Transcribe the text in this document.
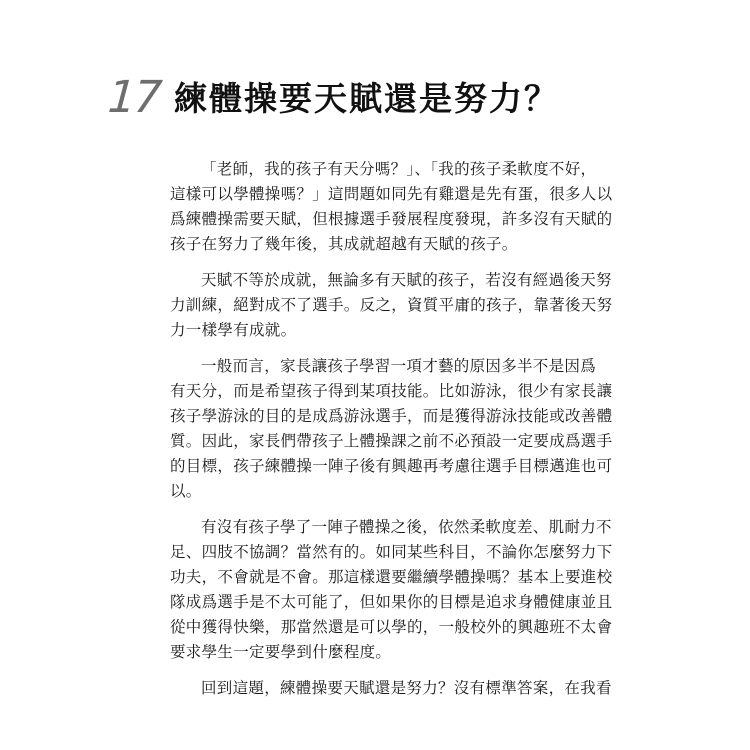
17 練體操要天賦還是努力？
「老師，我的孩子有天分嗎？」、「我的孩子柔軟度不好，
這樣可以學體操嗎？」這問題如同先有雞還是先有蛋，很多人以
爲練體操需要天賦，但根據選手發展程度發現，許多沒有天賦的
孩子在努力了幾年後，其成就超越有天賦的孩子。
天賦不等於成就，無論多有天賦的孩子，若沒有經過後天努
力訓練，絕對成不了選手。反之，資質平庸的孩子，靠著後天努
力一樣學有成就。
一般而言，家長讓孩子學習一項才藝的原因多半不是因爲
有天分，而是希望孩子得到某項技能。比如游泳，很少有家長讓
孩子學游泳的目的是成爲游泳選手，而是獲得游泳技能或改善體
質。因此，家長們帶孩子上體操課之前不必預設一定要成爲選手
的目標，孩子練體操一陣子後有興趣再考慮往選手目標邁進也可
以。
有沒有孩子學了一陣子體操之後，依然柔軟度差、肌耐力不
足、四肢不協調？當然有的。如同某些科目，不論你怎麼努力下
功夫，不會就是不會。那這樣還要繼續學體操嗎？基本上要進校
隊成爲選手是不太可能了，但如果你的目標是追求身體健康並且
從中獲得快樂，那當然還是可以學的，一般校外的興趣班不太會
要求學生一定要學到什麼程度。
回到這題，練體操要天賦還是努力？沒有標準答案，在我看
